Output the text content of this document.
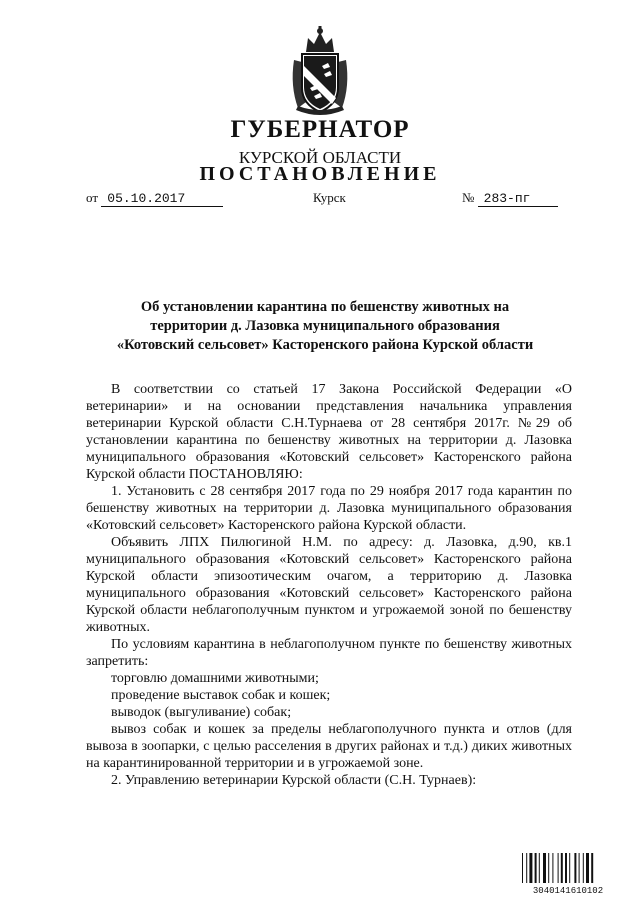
ГУБЕРНАТОР
КУРСКОЙ ОБЛАСТИ
ПОСТАНОВЛЕНИЕ
от 05.10.2017	Курск	№ 283-пг
Об установлении карантина по бешенству животных на
территории д. Лазовка муниципального образования
«Котовский сельсовет» Касторенского района Курской области

В соответствии со статьей 17 Закона Российской Федерации «О ветеринарии» и на основании представления начальника управления ветеринарии Курской области С.Н.Турнаева от 28 сентября 2017г. №29 об установлении карантина по бешенству животных на территории д. Лазовка муниципального образования «Котовский сельсовет» Касторенского района Курской области ПОСТАНОВЛЯЮ:

1. Установить с 28 сентября 2017 года по 29 ноября 2017 года карантин по бешенству животных на территории д. Лазовка муниципального образования «Котовский сельсовет» Касторенского района Курской области.

Объявить ЛПХ Пилюгиной Н.М. по адресу: д. Лазовка, д.90, кв.1 муниципального образования «Котовский сельсовет» Касторенского района Курской области эпизоотическим очагом, а территорию д. Лазовка муниципального образования «Котовский сельсовет» Касторенского района Курской области неблагополучным пунктом и угрожаемой зоной по бешенству животных.

По условиям карантина в неблагополучном пункте по бешенству животных запретить:

торговлю домашними животными;

проведение выставок собак и кошек;

выводок (выгуливание) собак;

вывоз собак и кошек за пределы неблагополучного пункта и отлов (для вывоза в зоопарки, с целью расселения в других районах и т.д.) диких животных на карантинированной территории и в угрожаемой зоне.

2. Управлению ветеринарии Курской области (С.Н. Турнаев):

3040141610102
